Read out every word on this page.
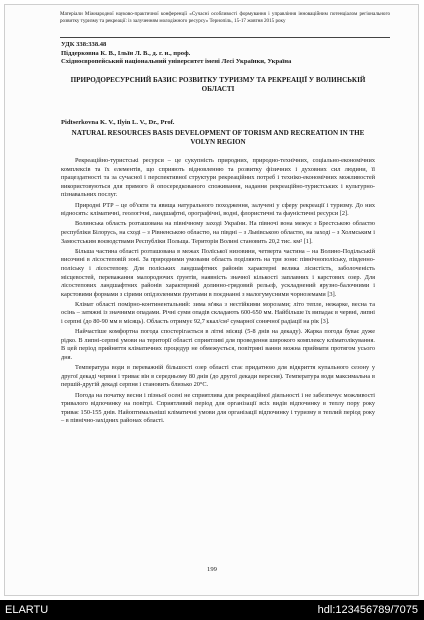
Матеріали Міжнародної науково-практичної конференції «Сучасні особливості формування і управління інноваційним потенціалом регіонального розвитку туризму та рекреації: із залученням молодіжного ресурсу» Тернопіль, 15-17 жовтня 2015 року
УДК 338:338.48
Піддерковна К. В., Ільїн Л. В., д. г. н., проф.
Східноєвропейський національний університет імені Лесі Українки, Україна
ПРИРОДОРЕСУРСНИЙ БАЗИС РОЗВИТКУ ТУРИЗМУ ТА РЕКРЕАЦІЇ У ВОЛИНСЬКІЙ ОБЛАСТІ
Pidtserkovna K. V., Ilyin L. V., Dr., Prof.
NATURAL RESOURCES BASIS DEVELOPMENT OF TORISM AND RECREATION IN THE VOLYN REGION

Рекреаційно-туристські ресурси – це сукупність природних, природно-технічних, соціально-економічних комплексів та їх елементів, що сприяють відновленню та розвитку фізичних і духовних сил людини, її працездатності та за сучасної і перспективної структури рекреаційних потреб і техніко-економічних можливостей використовуються для прямого й опосередкованого споживання, надання рекреаційно-туристських і культурно-пізнавальних послуг.

Природні РТР – це об'єкти та явища натурального походження, залучені у сферу рекреації і туризму. До них відносять: кліматичні, геологічні, ландшафтні, орографічні, водні, флористичні та фауністичні ресурси [2].

Волинська область розташована на північному заході України. На півночі вона межує з Брестською областю республіки Білорусь, на сході – з Рівненською областю, на півдні – з Львівською областю, на заході – з Холмським і Замостським воєводствами Республіки Польща. Територія Волині становить 20,2 тис. км² [1].

Більша частина області розташована в межах Поліської низовини, четверта частина – на Волино-Подільській височині в лісостеповій зоні. За природними умовами область поділяють на три зони: північнополіську, південно-поліську і лісостепову. Для поліських ландшафтних районів характерні велика лісистість, заболоченість місцевостей, переважання малородючих ґрунтів, наявність значної кількості заплавних і карстових озер. Для лісостепових ландшафтних районів характерний долинно-грядовий рельєф, ускладнений ярузно-балочними і карстовими формами з сірими опідзоленими ґрунтами в поєднанні з малогумусними чорноземами [3].

Клімат області помірно-континентальний: зима м'яка з нестійкими морозами; літо тепле, нежарке, весна та осінь – затяжні із значними опадами. Річні суми опадів складають 600-650 мм. Найбільше їх випадає в червні, липні і серпні (до 80-90 мм в місяць). Область отримує 92,7 ккал/см² сумарної сонячної радіації на рік [3].

Найчастіше комфортна погода спостерігається в літні місяці (5-8 днів на декаду). Жарка погода буває дуже рідко. В липні-серпні умови на території області сприятливі для проведення широкого комплексу кліматолікування. В цей період прийняття кліматичних процедур не обмежується, повітряні ванни можна приймати протягом усього дня.

Температура води в переважній більшості озер області стає придатною для відкриття купального сезону у другої декаді червня і триває він в середньому 80 днів (до другої декади вересня). Температура води максимальна в першій-другій декаді серпня і становить близько 20°С.

Погода на початку весни і пізньої осені не сприятлива для рекреаційної діяльності і не забезпечує можливості тривалого відпочинку на повітрі. Сприятливий період для організації всіх видів відпочинку в теплу пору року триває 150-155 днів. Найоптимальніші кліматичні умови для організації відпочинку і туризму в теплий період року – в північно-західних районах області.

199
ELARTU	hdl:123456789/7075
